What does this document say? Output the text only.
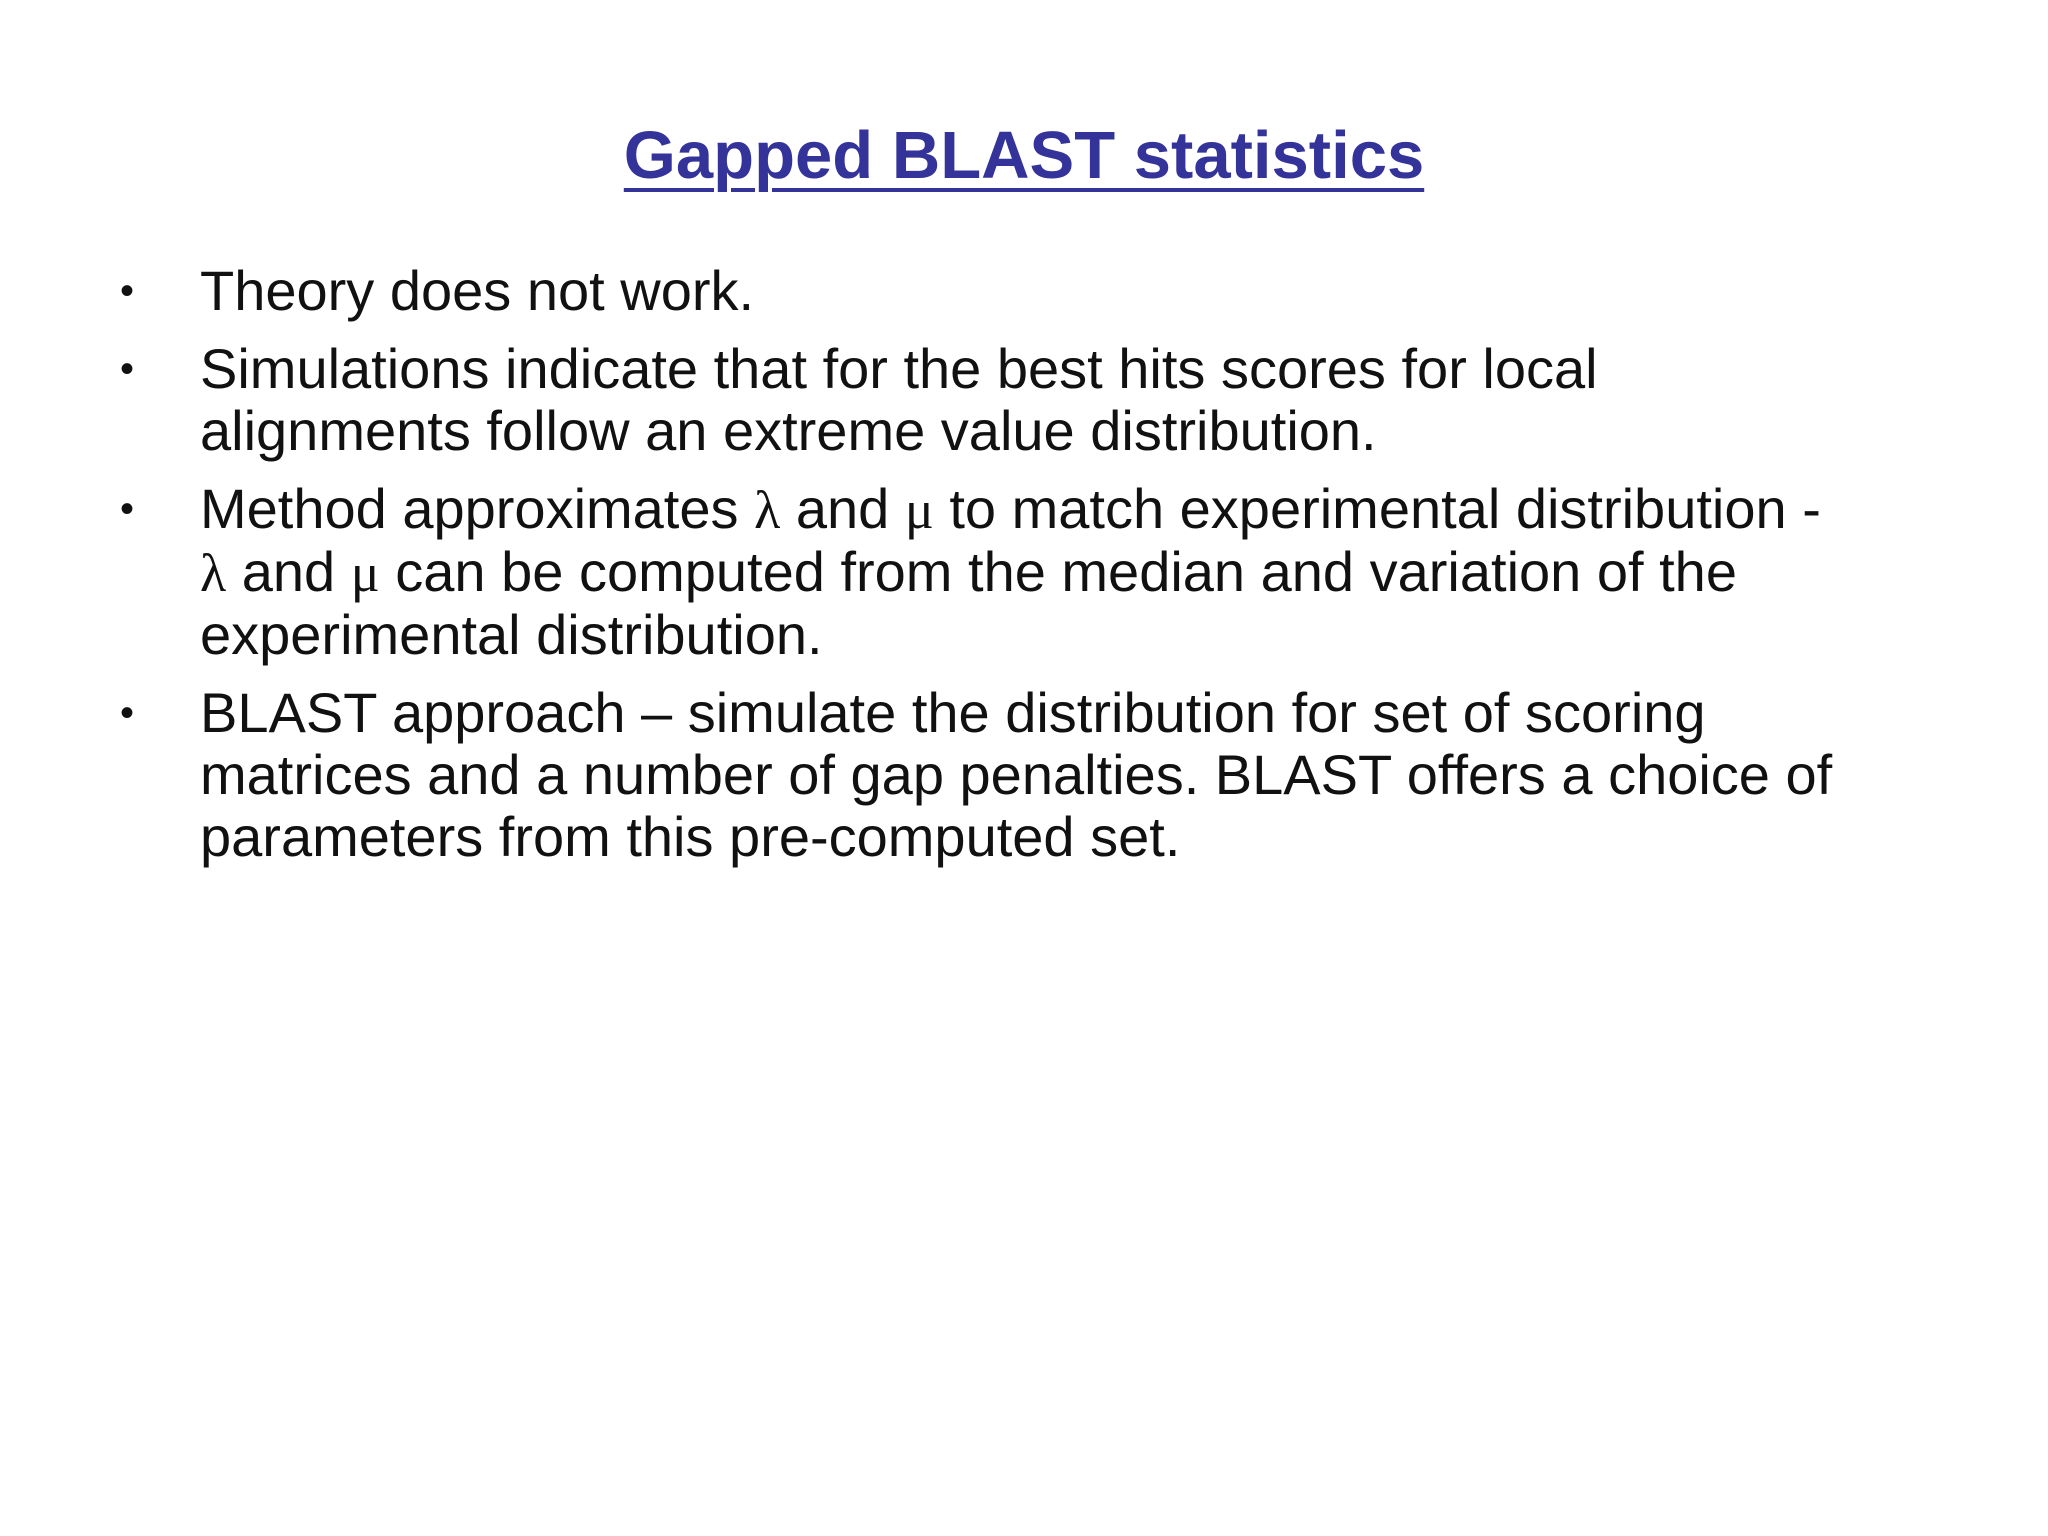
Gapped BLAST statistics
•	Theory does not work.
•	Simulations indicate that for the best hits scores for local
alignments follow an extreme value distribution.
•	Method approximates λ and μ to match experimental distribution -
λ and μ can be computed from the median and variation of the
experimental distribution.
•	BLAST approach – simulate the distribution for set of scoring
matrices and a number of gap penalties. BLAST offers a choice of
parameters from this pre-computed set.
